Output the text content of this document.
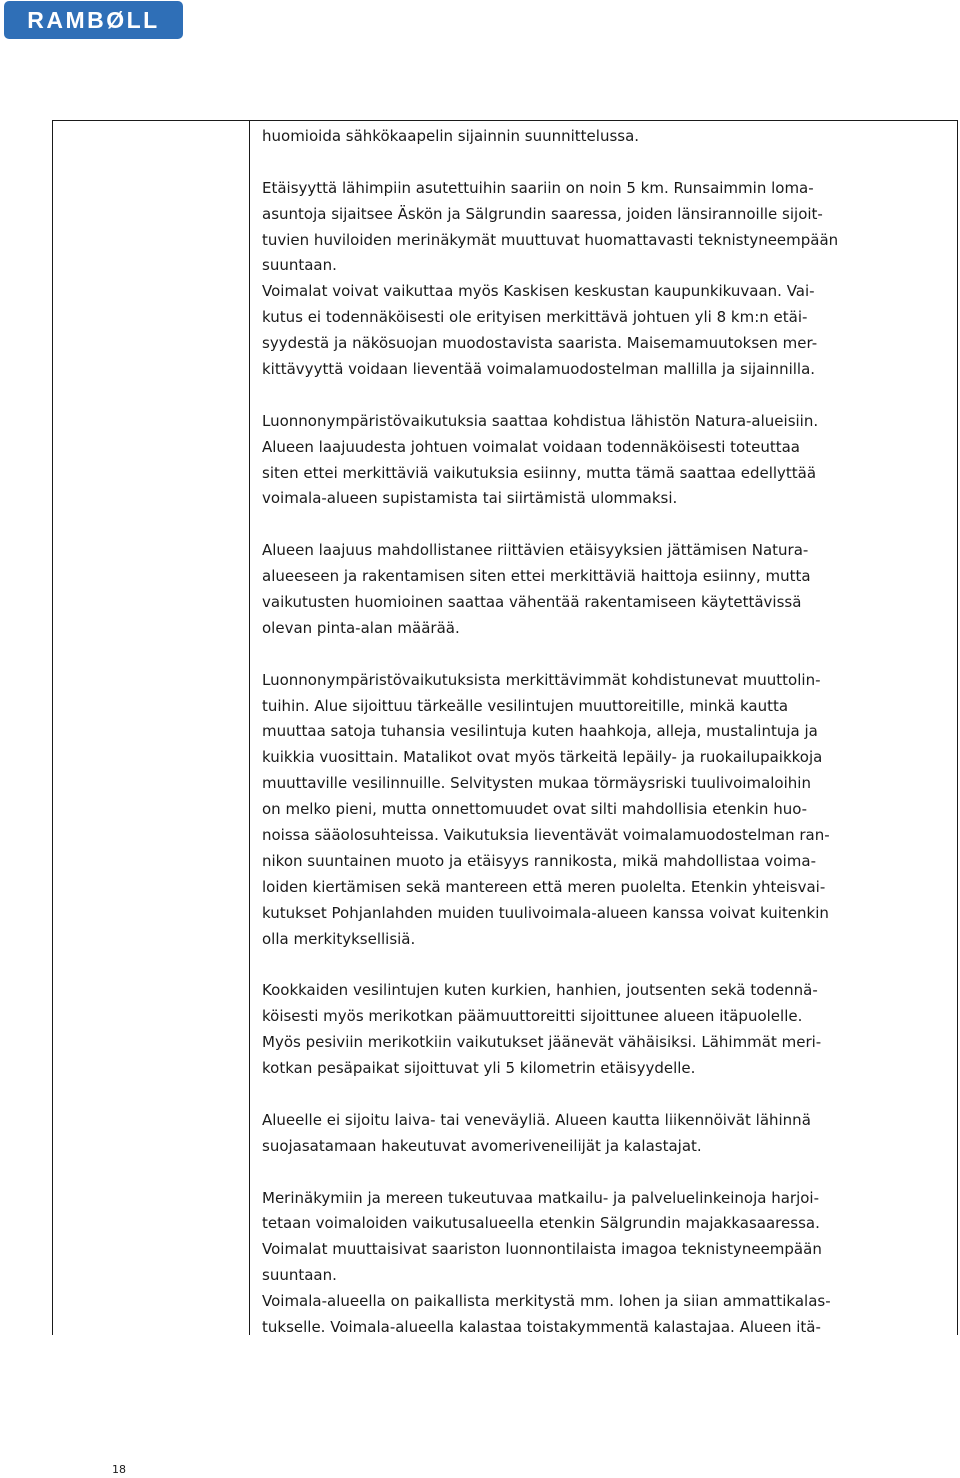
RAMBØLL
huomioida sähkökaapelin sijainnin suunnittelussa.
Etäisyyttä lähimpiin asutettuihin saariin on noin 5 km. Runsaimmin loma-
asuntoja sijaitsee Äskön ja Sälgrundin saaressa, joiden länsirannoille sijoit-
tuvien huviloiden merinäkymät muuttuvat huomattavasti teknistyneempään
suuntaan.
Voimalat voivat vaikuttaa myös Kaskisen keskustan kaupunkikuvaan. Vai-
kutus ei todennäköisesti ole erityisen merkittävä johtuen yli 8 km:n etäi-
syydestä ja näkösuojan muodostavista saarista. Maisemamuutoksen mer-
kittävyyttä voidaan lieventää voimalamuodostelman mallilla ja sijainnilla.
Luonnonympäristövaikutuksia saattaa kohdistua lähistön Natura-alueisiin.
Alueen laajuudesta johtuen voimalat voidaan todennäköisesti toteuttaa
siten ettei merkittäviä vaikutuksia esiinny, mutta tämä saattaa edellyttää
voimala-alueen supistamista tai siirtämistä ulommaksi.
Alueen laajuus mahdollistanee riittävien etäisyyksien jättämisen Natura-
alueeseen ja rakentamisen siten ettei merkittäviä haittoja esiinny, mutta
vaikutusten huomioinen saattaa vähentää rakentamiseen käytettävissä
olevan pinta-alan määrää.
Luonnonympäristövaikutuksista merkittävimmät kohdistunevat muuttolin-
tuihin. Alue sijoittuu tärkeälle vesilintujen muuttoreitille, minkä kautta
muuttaa satoja tuhansia vesilintuja kuten haahkoja, alleja, mustalintuja ja
kuikkia vuosittain. Matalikot ovat myös tärkeitä lepäily- ja ruokailupaikkoja
muuttaville vesilinnuille. Selvitysten mukaa törmäysriski tuulivoimaloihin
on melko pieni, mutta onnettomuudet ovat silti mahdollisia etenkin huo-
noissa sääolosuhteissa. Vaikutuksia lieventävät voimalamuodostelman ran-
nikon suuntainen muoto ja etäisyys rannikosta, mikä mahdollistaa voima-
loiden kiertämisen sekä mantereen että meren puolelta. Etenkin yhteisvai-
kutukset Pohjanlahden muiden tuulivoimala-alueen kanssa voivat kuitenkin
olla merkityksellisiä.
Kookkaiden vesilintujen kuten kurkien, hanhien, joutsenten sekä todennä-
köisesti myös merikotkan päämuuttoreitti sijoittunee alueen itäpuolelle.
Myös pesiviin merikotkiin vaikutukset jäänevät vähäisiksi. Lähimmät meri-
kotkan pesäpaikat sijoittuvat yli 5 kilometrin etäisyydelle.
Alueelle ei sijoitu laiva- tai veneväyliä. Alueen kautta liikennöivät lähinnä
suojasatamaan hakeutuvat avomeriveneilijät ja kalastajat.
Merinäkymiin ja mereen tukeutuvaa matkailu- ja palveluelinkeinoja harjoi-
tetaan voimaloiden vaikutusalueella etenkin Sälgrundin majakkasaaressa.
Voimalat muuttaisivat saariston luonnontilaista imagoa teknistyneempään
suuntaan.
Voimala-alueella on paikallista merkitystä mm. lohen ja siian ammattikalas-
tukselle. Voimala-alueella kalastaa toistakymmentä kalastajaa. Alueen itä-
18
